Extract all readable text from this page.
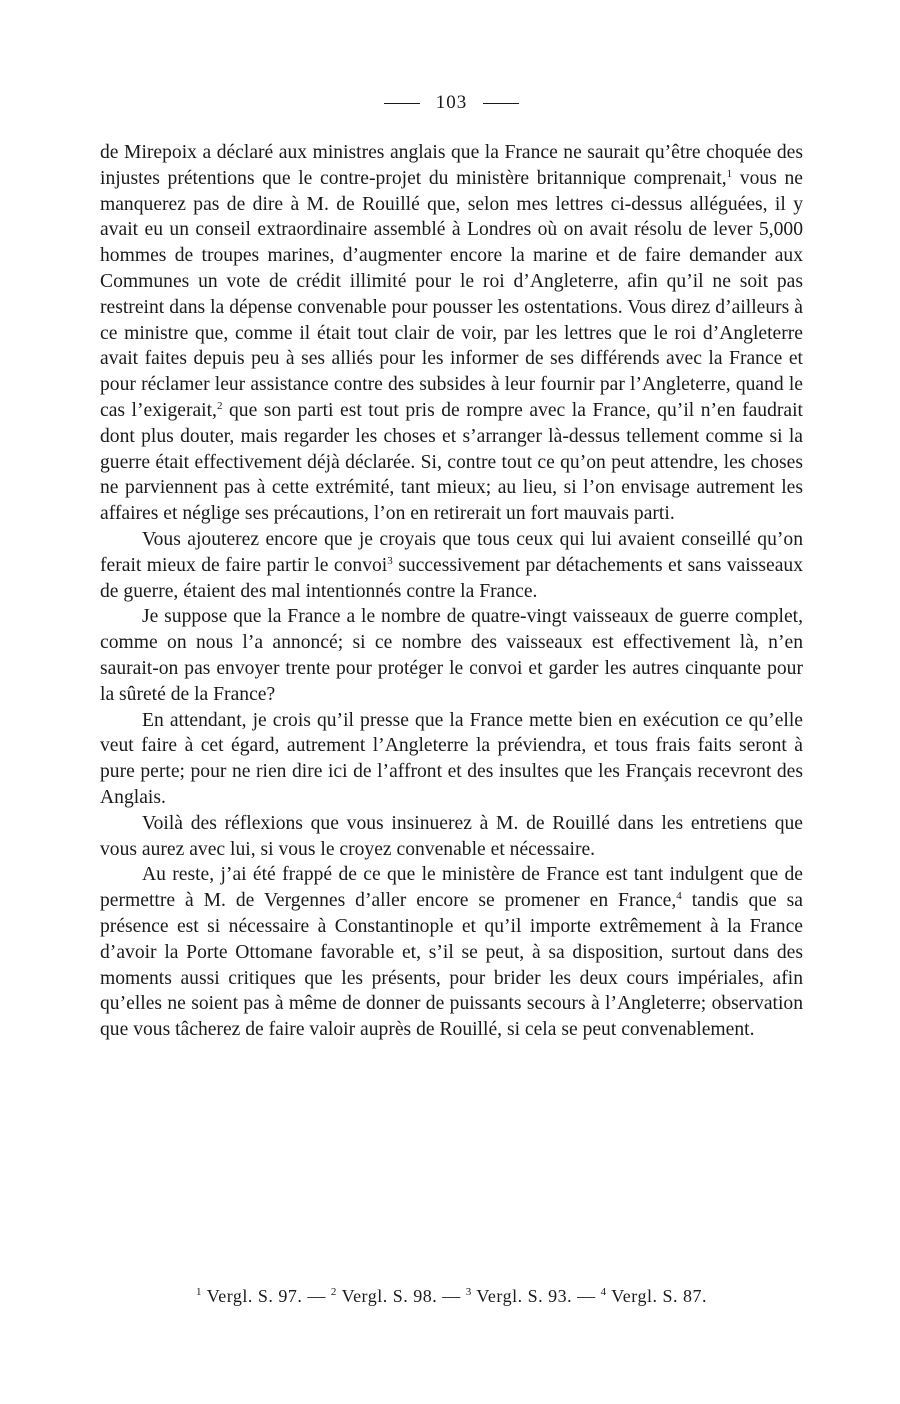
103

de Mirepoix a déclaré aux ministres anglais que la France ne saurait qu’être choquée des injustes prétentions que le contre-projet du ministère britannique comprenait,$^1$ vous ne manquerez pas de dire à M. de Rouillé que, selon mes lettres ci-dessus alléguées, il y avait eu un conseil extraordinaire assemblé à Londres où on avait résolu de lever 5,000 hommes de troupes marines, d’augmenter encore la marine et de faire demander aux Communes un vote de crédit illimité pour le roi d’Angleterre, afin qu’il ne soit pas restreint dans la dépense convenable pour pousser les ostentations. Vous direz d’ailleurs à ce ministre que, comme il était tout clair de voir, par les lettres que le roi d’Angleterre avait faites depuis peu à ses alliés pour les informer de ses différends avec la France et pour réclamer leur assistance contre des subsides à leur fournir par l’Angleterre, quand le cas l’exigerait,$^2$ que son parti est tout pris de rompre avec la France, qu’il n’en faudrait dont plus douter, mais regarder les choses et s’arranger là-dessus tellement comme si la guerre était effectivement déjà déclarée. Si, contre tout ce qu’on peut attendre, les choses ne parviennent pas à cette extrémité, tant mieux; au lieu, si l’on envisage autrement les affaires et néglige ses précautions, l’on en retirerait un fort mauvais parti.

Vous ajouterez encore que je croyais que tous ceux qui lui avaient conseillé qu’on ferait mieux de faire partir le convoi$^3$ successivement par détachements et sans vaisseaux de guerre, étaient des mal intentionnés contre la France.

Je suppose que la France a le nombre de quatre-vingt vaisseaux de guerre complet, comme on nous l’a annoncé; si ce nombre des vaisseaux est effectivement là, n’en saurait-on pas envoyer trente pour protéger le convoi et garder les autres cinquante pour la sûreté de la France?

En attendant, je crois qu’il presse que la France mette bien en exécution ce qu’elle veut faire à cet égard, autrement l’Angleterre la préviendra, et tous frais faits seront à pure perte; pour ne rien dire ici de l’affront et des insultes que les Français recevront des Anglais.

Voilà des réflexions que vous insinuerez à M. de Rouillé dans les entretiens que vous aurez avec lui, si vous le croyez convenable et nécessaire.

Au reste, j’ai été frappé de ce que le ministère de France est tant indulgent que de permettre à M. de Vergennes d’aller encore se promener en France,$^4$ tandis que sa présence est si nécessaire à Constantinople et qu’il importe extrêmement à la France d’avoir la Porte Ottomane favorable et, s’il se peut, à sa disposition, surtout dans des moments aussi critiques que les présents, pour brider les deux cours impériales, afin qu’elles ne soient pas à même de donner de puissants secours à l’Angleterre; observation que vous tâcherez de faire valoir auprès de Rouillé, si cela se peut convenablement.

$^1$ Vergl. S. 97. — $^2$ Vergl. S. 98. — $^3$ Vergl. S. 93. — $^4$ Vergl. S. 87.
